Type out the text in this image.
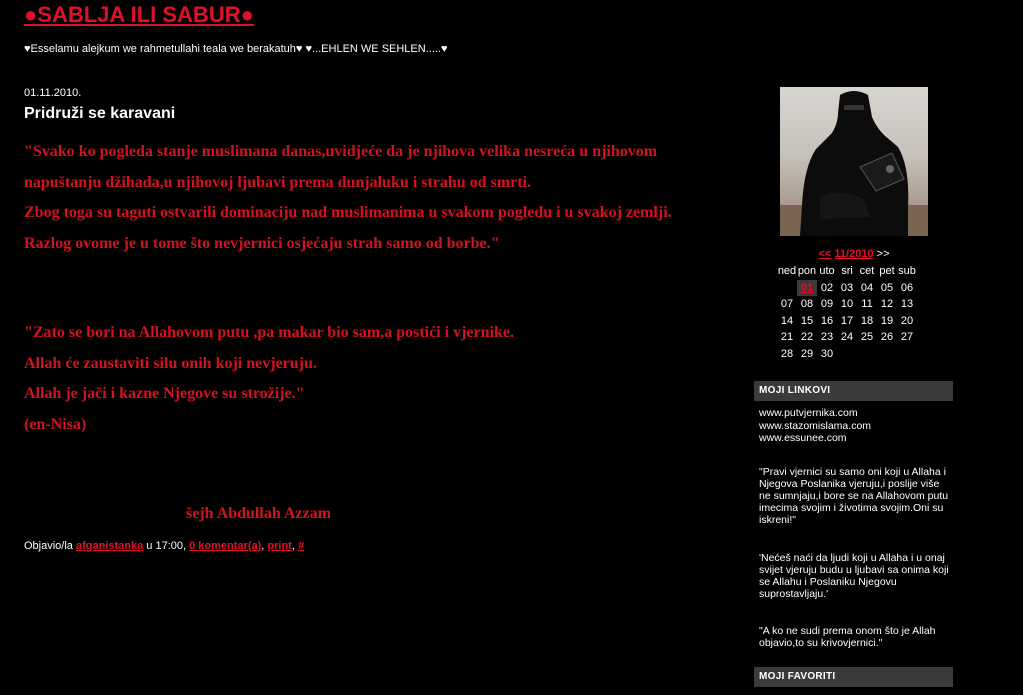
●SABLJA ILI SABUR●
♥Esselamu alejkum we rahmetullahi teala we berakatuh♥ ♥...EHLEN WE SEHLEN.....♥
01.11.2010.
Pridruži se karavani
"Svako ko pogleda stanje muslimana danas,uvidjeće da je njihova velika nesreća u njihovom
napuštanju džihada,u njihovoj ljubavi prema dunjaluku i strahu od smrti.
Zbog toga su taguti ostvarili dominaciju nad muslimanima u svakom pogledu i u svakoj zemlji.
Razlog ovome je u tome što nevjernici osjećaju strah samo od borbe."
"Zato se bori na Allahovom putu ,pa makar bio sam,a postići i vjernike.
Allah će zaustaviti silu onih koji nevjeruju.
Allah je jači i kazne Njegove su strožije."
(en-Nisa)
šejh Abdullah Azzam
Objavio/la afganistanka u 17:00, 0 komentar(a), print, #
<< 11/2010 >>
ned	pon	uto	sri	cet	pet	sub
	01	02	03	04	05	06
07	08	09	10	11	12	13
14	15	16	17	18	19	20
21	22	23	24	25	26	27
28	29	30				
MOJI LINKOVI
www.putvjernika.com
www.stazomislama.com
www.essunee.com
"Pravi vjernici su samo oni koji u Allaha i Njegova Poslanika vjeruju,i poslije više ne sumnjaju,i bore se na Allahovom putu imecima svojim i životima svojim.Oni su iskreni!"
'Nećeš naći da ljudi koji u Allaha i u onaj svijet vjeruju budu u ljubavi sa onima koji se Allahu i Poslaniku Njegovu suprostavljaju.'
"A ko ne sudi prema onom što je Allah objavio,to su krivovjernici."
MOJI FAVORITI
